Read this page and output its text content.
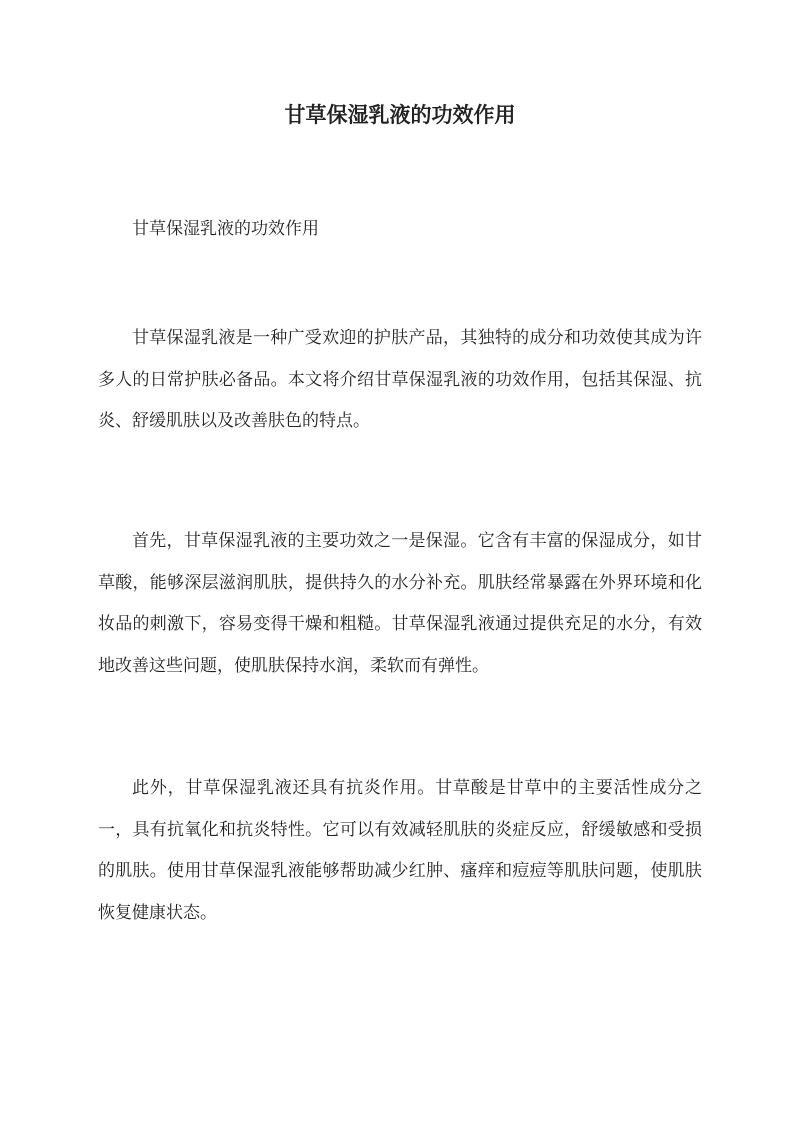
甘草保湿乳液的功效作用

甘草保湿乳液的功效作用

甘草保湿乳液是一种广受欢迎的护肤产品，其独特的成分和功效使其成为许多人的日常护肤必备品。本文将介绍甘草保湿乳液的功效作用，包括其保湿、抗炎、舒缓肌肤以及改善肤色的特点。

首先，甘草保湿乳液的主要功效之一是保湿。它含有丰富的保湿成分，如甘草酸，能够深层滋润肌肤，提供持久的水分补充。肌肤经常暴露在外界环境和化妆品的刺激下，容易变得干燥和粗糙。甘草保湿乳液通过提供充足的水分，有效地改善这些问题，使肌肤保持水润，柔软而有弹性。

此外，甘草保湿乳液还具有抗炎作用。甘草酸是甘草中的主要活性成分之一，具有抗氧化和抗炎特性。它可以有效减轻肌肤的炎症反应，舒缓敏感和受损的肌肤。使用甘草保湿乳液能够帮助减少红肿、瘙痒和痘痘等肌肤问题，使肌肤恢复健康状态。
